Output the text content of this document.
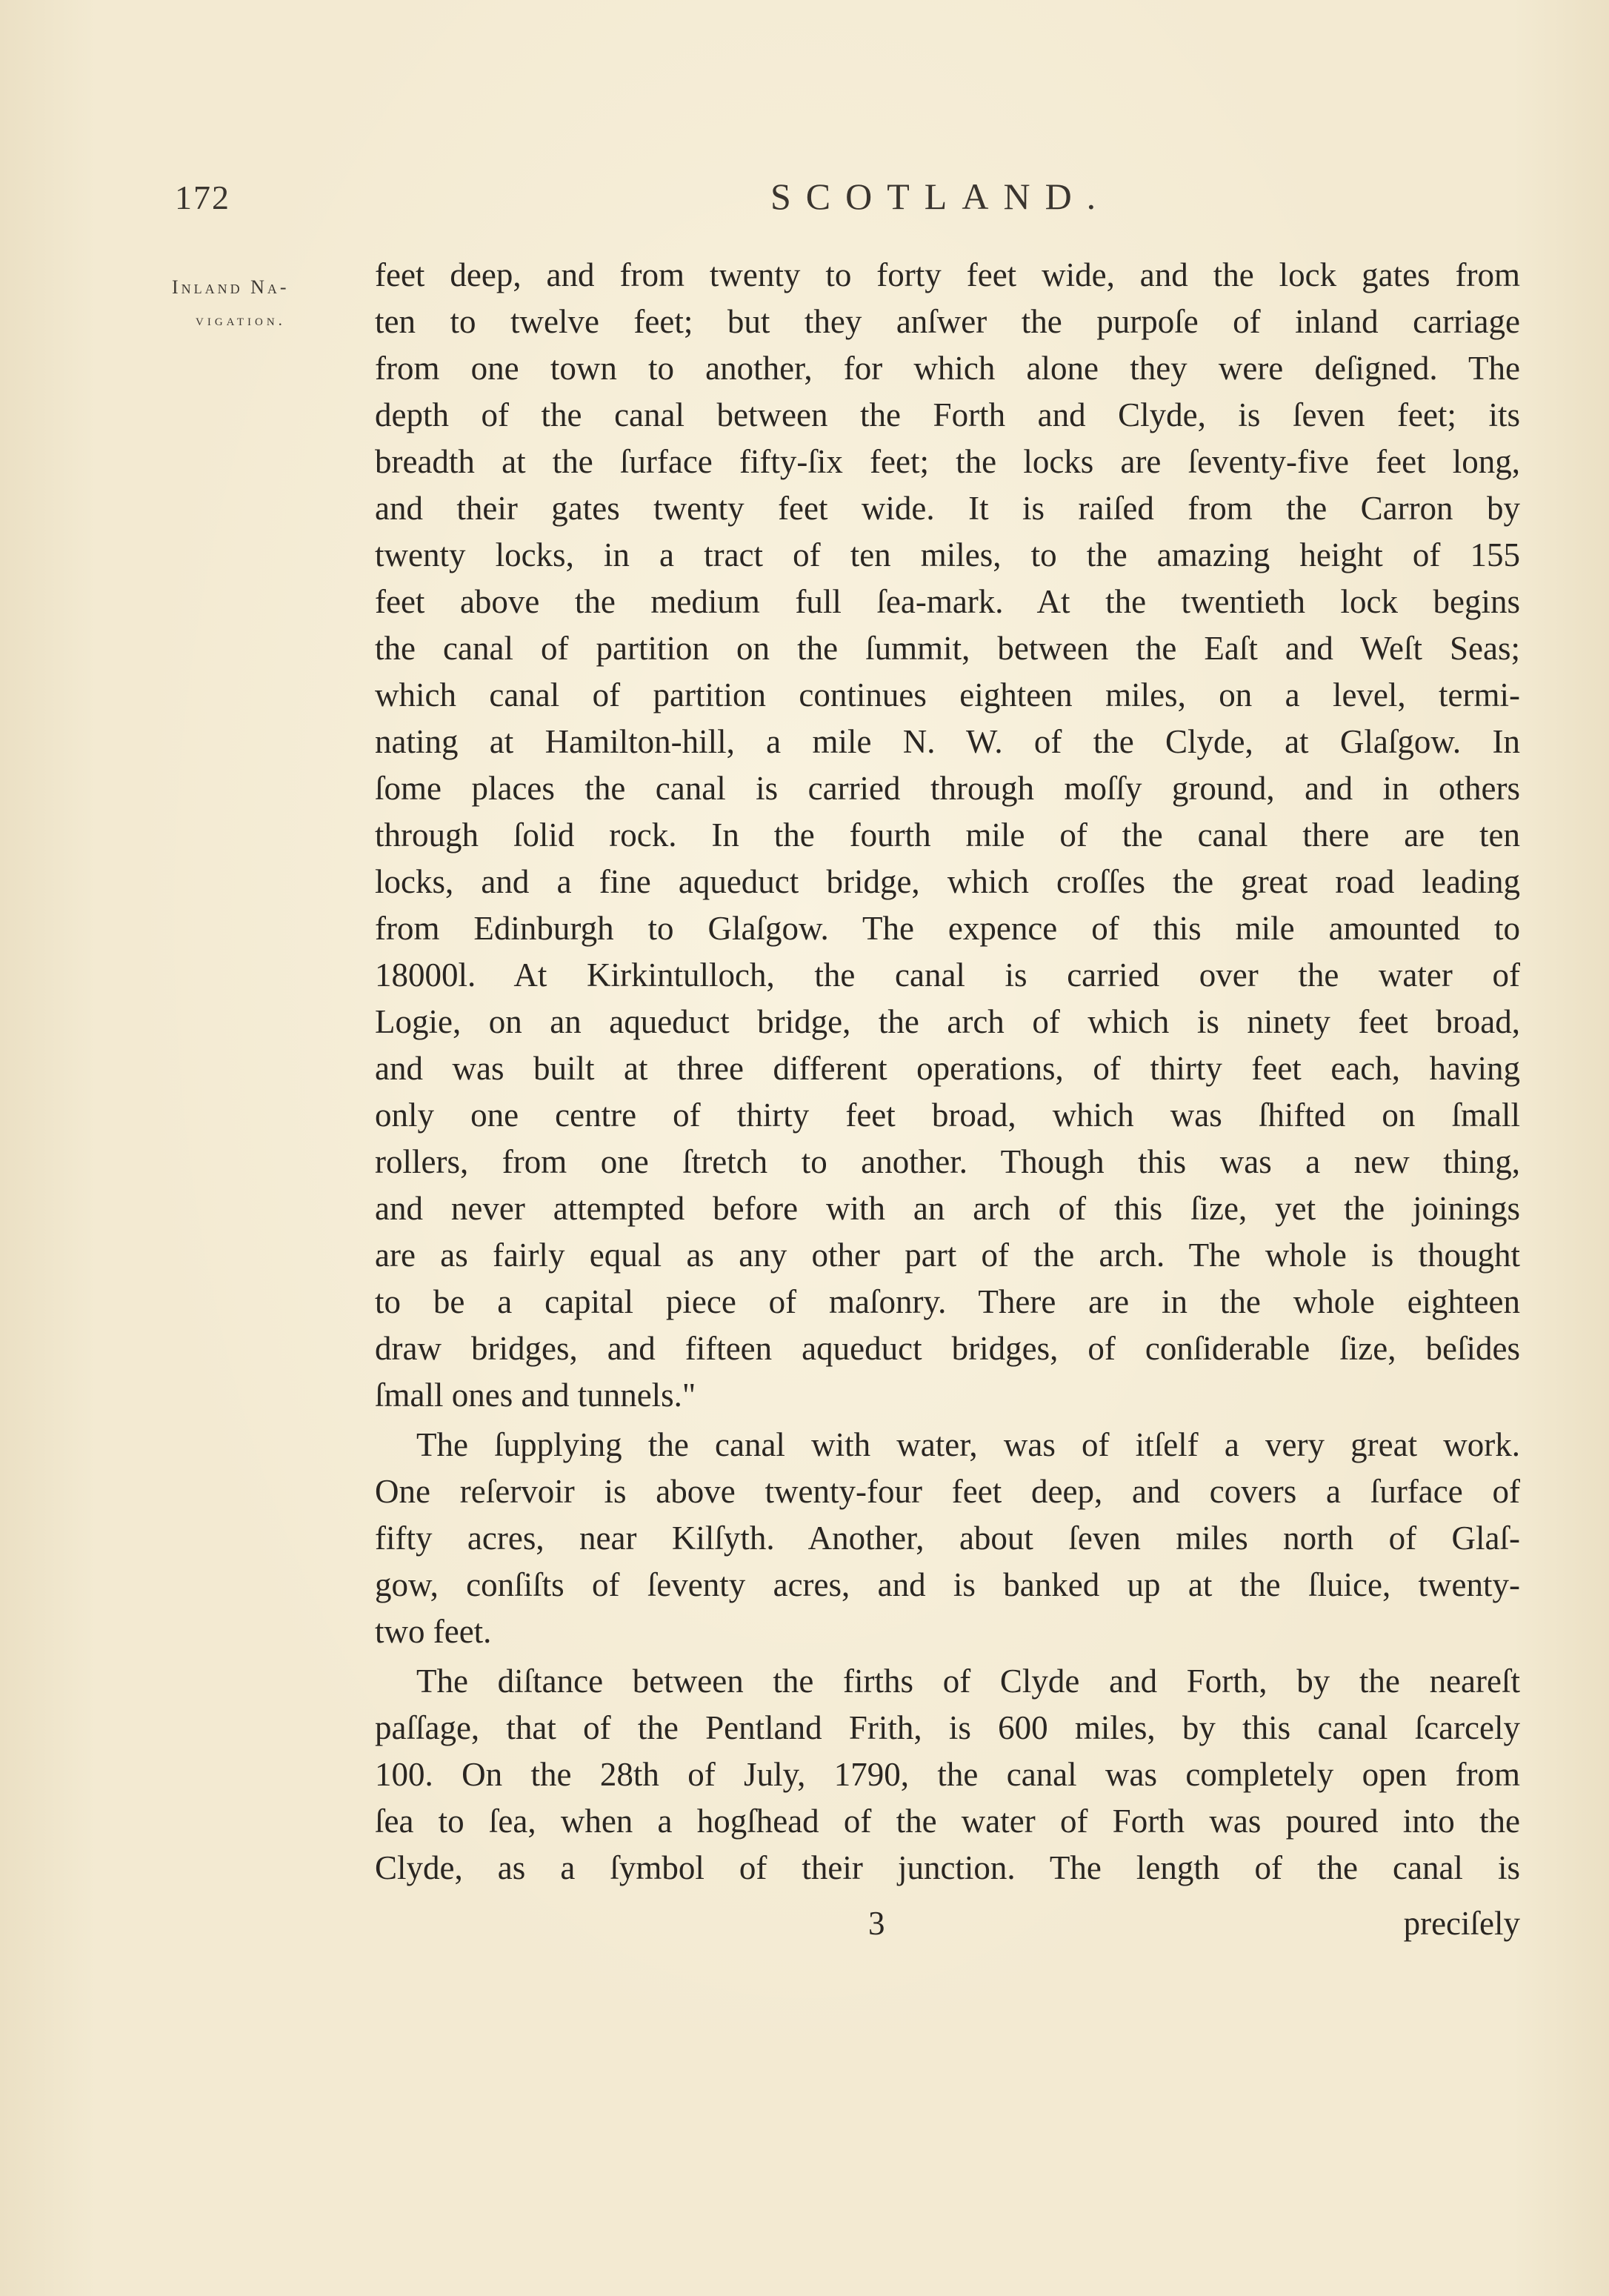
172	SCOTLAND.
Inland Na-
vigation.
feet deep, and from twenty to forty feet wide, and the lock gates from
ten to twelve feet; but they anſwer the purpoſe of inland carriage
from one town to another, for which alone they were deſigned. The
depth of the canal between the Forth and Clyde, is ſeven feet; its
breadth at the ſurface fifty-ſix feet; the locks are ſeventy-five feet long,
and their gates twenty feet wide. It is raiſed from the Carron by
twenty locks, in a tract of ten miles, to the amazing height of 155
feet above the medium full ſea-mark. At the twentieth lock begins
the canal of partition on the ſummit, between the Eaſt and Weſt Seas;
which canal of partition continues eighteen miles, on a level, termi-
nating at Hamilton-hill, a mile N. W. of the Clyde, at Glaſgow. In
ſome places the canal is carried through moſſy ground, and in others
through ſolid rock. In the fourth mile of the canal there are ten
locks, and a fine aqueduct bridge, which croſſes the great road leading
from Edinburgh to Glaſgow. The expence of this mile amounted to
18000l. At Kirkintulloch, the canal is carried over the water of
Logie, on an aqueduct bridge, the arch of which is ninety feet broad,
and was built at three different operations, of thirty feet each, having
only one centre of thirty feet broad, which was ſhifted on ſmall
rollers, from one ſtretch to another. Though this was a new thing,
and never attempted before with an arch of this ſize, yet the joinings
are as fairly equal as any other part of the arch. The whole is thought
to be a capital piece of maſonry. There are in the whole eighteen
draw bridges, and fifteen aqueduct bridges, of conſiderable ſize, beſides
ſmall ones and tunnels."
The ſupplying the canal with water, was of itſelf a very great work.
One reſervoir is above twenty-four feet deep, and covers a ſurface of
fifty acres, near Kilſyth. Another, about ſeven miles north of Glaſ-
gow, conſiſts of ſeventy acres, and is banked up at the ſluice, twenty-
two feet.
The diſtance between the firths of Clyde and Forth, by the neareſt
paſſage, that of the Pentland Frith, is 600 miles, by this canal ſcarcely
100. On the 28th of July, 1790, the canal was completely open from
ſea to ſea, when a hogſhead of the water of Forth was poured into the
Clyde, as a ſymbol of their junction. The length of the canal is
3	preciſely
